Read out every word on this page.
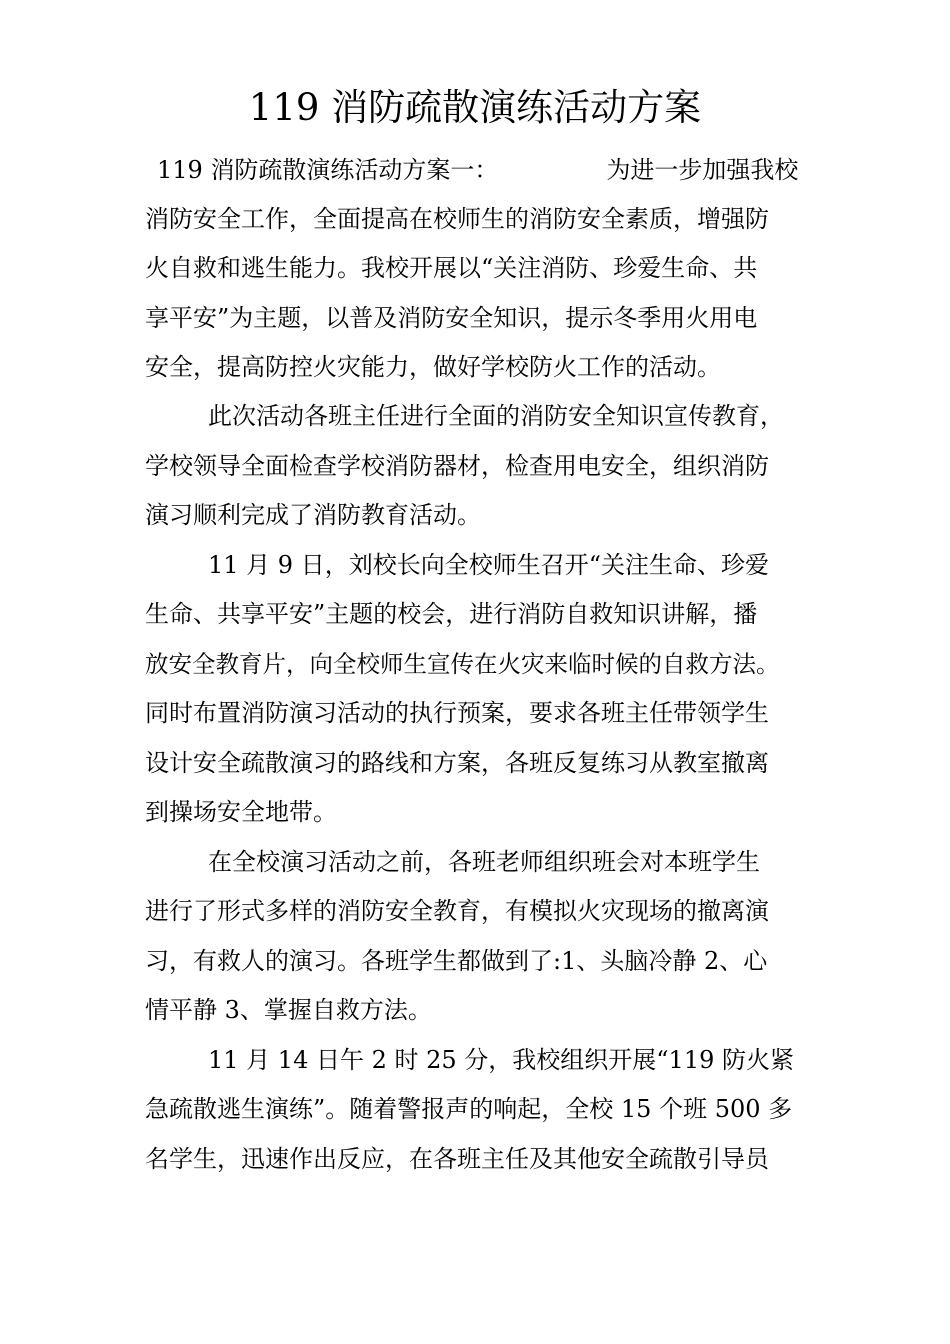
119 消防疏散演练活动方案

119 消防疏散演练活动方案一：	为进一步加强我校

消防安全工作，全面提高在校师生的消防安全素质，增强防

火自救和逃生能力。我校开展以“关注消防、珍爱生命、共

享平安”为主题，以普及消防安全知识，提示冬季用火用电

安全，提高防控火灾能力，做好学校防火工作的活动。

此次活动各班主任进行全面的消防安全知识宣传教育，

学校领导全面检查学校消防器材，检查用电安全，组织消防

演习顺利完成了消防教育活动。

11 月 9 日，刘校长向全校师生召开“关注生命、珍爱

生命、共享平安”主题的校会，进行消防自救知识讲解，播

放安全教育片，向全校师生宣传在火灾来临时候的自救方法。

同时布置消防演习活动的执行预案，要求各班主任带领学生

设计安全疏散演习的路线和方案，各班反复练习从教室撤离

到操场安全地带。

在全校演习活动之前，各班老师组织班会对本班学生

进行了形式多样的消防安全教育，有模拟火灾现场的撤离演

习，有救人的演习。各班学生都做到了:1、头脑冷静 2、心

情平静 3、掌握自救方法。

11 月 14 日午 2 时 25 分，我校组织开展“119 防火紧

急疏散逃生演练”。随着警报声的响起，全校 15 个班 500 多

名学生，迅速作出反应，在各班主任及其他安全疏散引导员
